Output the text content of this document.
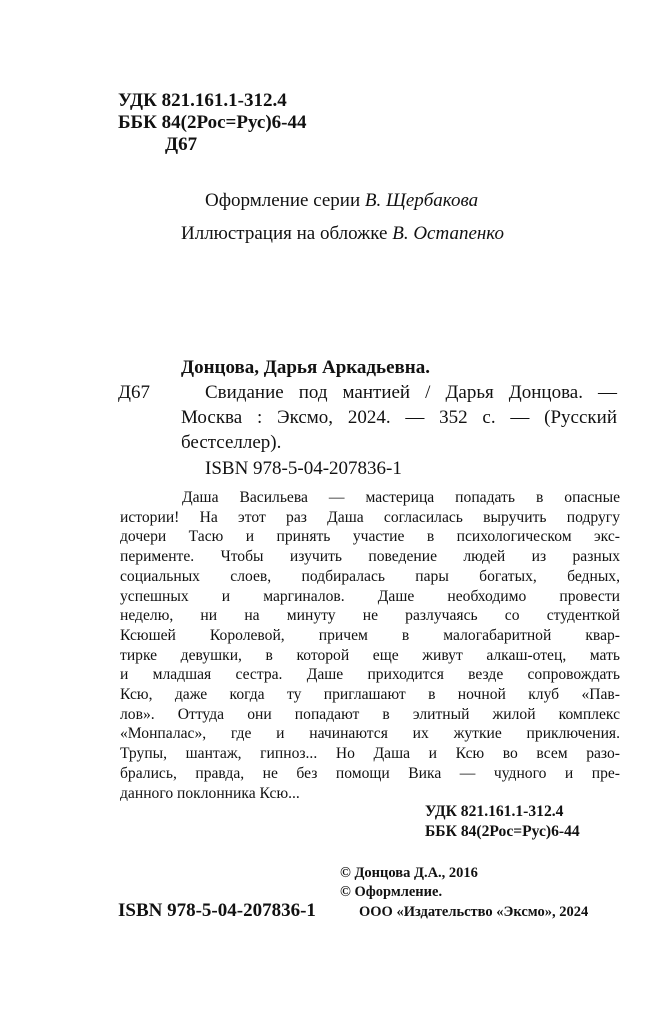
УДК 821.161.1-312.4
ББК 84(2Рос=Рус)6-44
Д67
Оформление серии В. Щербакова
Иллюстрация на обложке В. Остапенко
Донцова, Дарья Аркадьевна.
Д67	Свидание под мантией / Дарья Донцова. —
Москва : Эксмо, 2024. — 352 с. — (Русский
бестселлер).
ISBN 978-5-04-207836-1
Даша Васильева — мастерица попадать в опасные
истории! На этот раз Даша согласилась выручить подругу
дочери Тасю и принять участие в психологическом экс-
перименте. Чтобы изучить поведение людей из разных
социальных слоев, подбиралась пары богатых, бедных,
успешных и маргиналов. Даше необходимо провести
неделю, ни на минуту не разлучаясь со студенткой
Ксюшей Королевой, причем в малогабаритной квар-
тирке девушки, в которой еще живут алкаш-отец, мать
и младшая сестра. Даше приходится везде сопровождать
Ксю, даже когда ту приглашают в ночной клуб «Пав-
лов». Оттуда они попадают в элитный жилой комплекс
«Монпалас», где и начинаются их жуткие приключения.
Трупы, шантаж, гипноз... Но Даша и Ксю во всем разо-
брались, правда, не без помощи Вика — чудного и пре-
данного поклонника Ксю...
УДК 821.161.1-312.4
ББК 84(2Рос=Рус)6-44
© Донцова Д.А., 2016
© Оформление.
ООО «Издательство «Эксмо», 2024
ISBN 978-5-04-207836-1
